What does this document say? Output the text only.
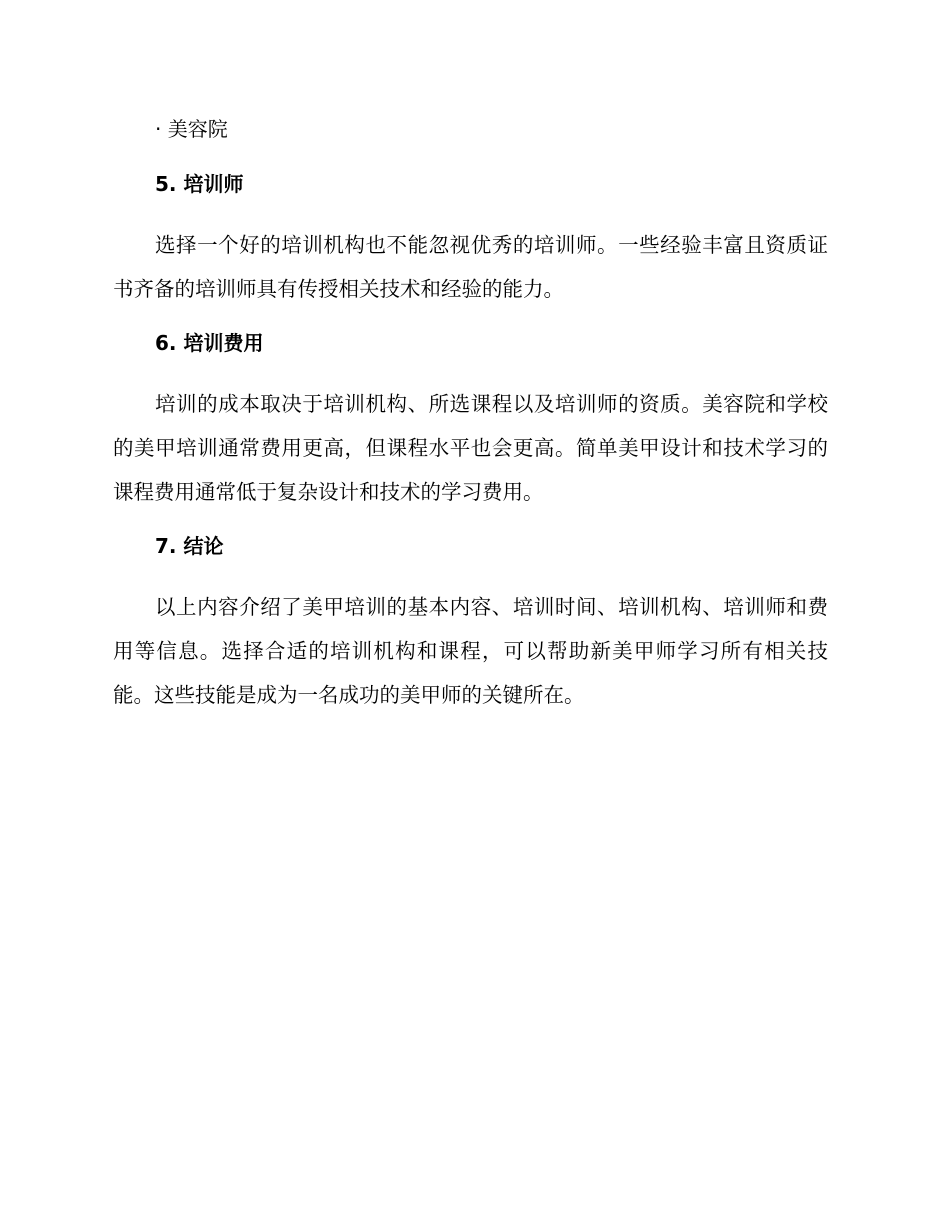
· 美容院
5. 培训师

选择一个好的培训机构也不能忽视优秀的培训师。一些经验丰富且资质证书齐备的培训师具有传授相关技术和经验的能力。

6. 培训费用

培训的成本取决于培训机构、所选课程以及培训师的资质。美容院和学校的美甲培训通常费用更高，但课程水平也会更高。简单美甲设计和技术学习的课程费用通常低于复杂设计和技术的学习费用。

7. 结论

以上内容介绍了美甲培训的基本内容、培训时间、培训机构、培训师和费用等信息。选择合适的培训机构和课程，可以帮助新美甲师学习所有相关技能。这些技能是成为一名成功的美甲师的关键所在。
